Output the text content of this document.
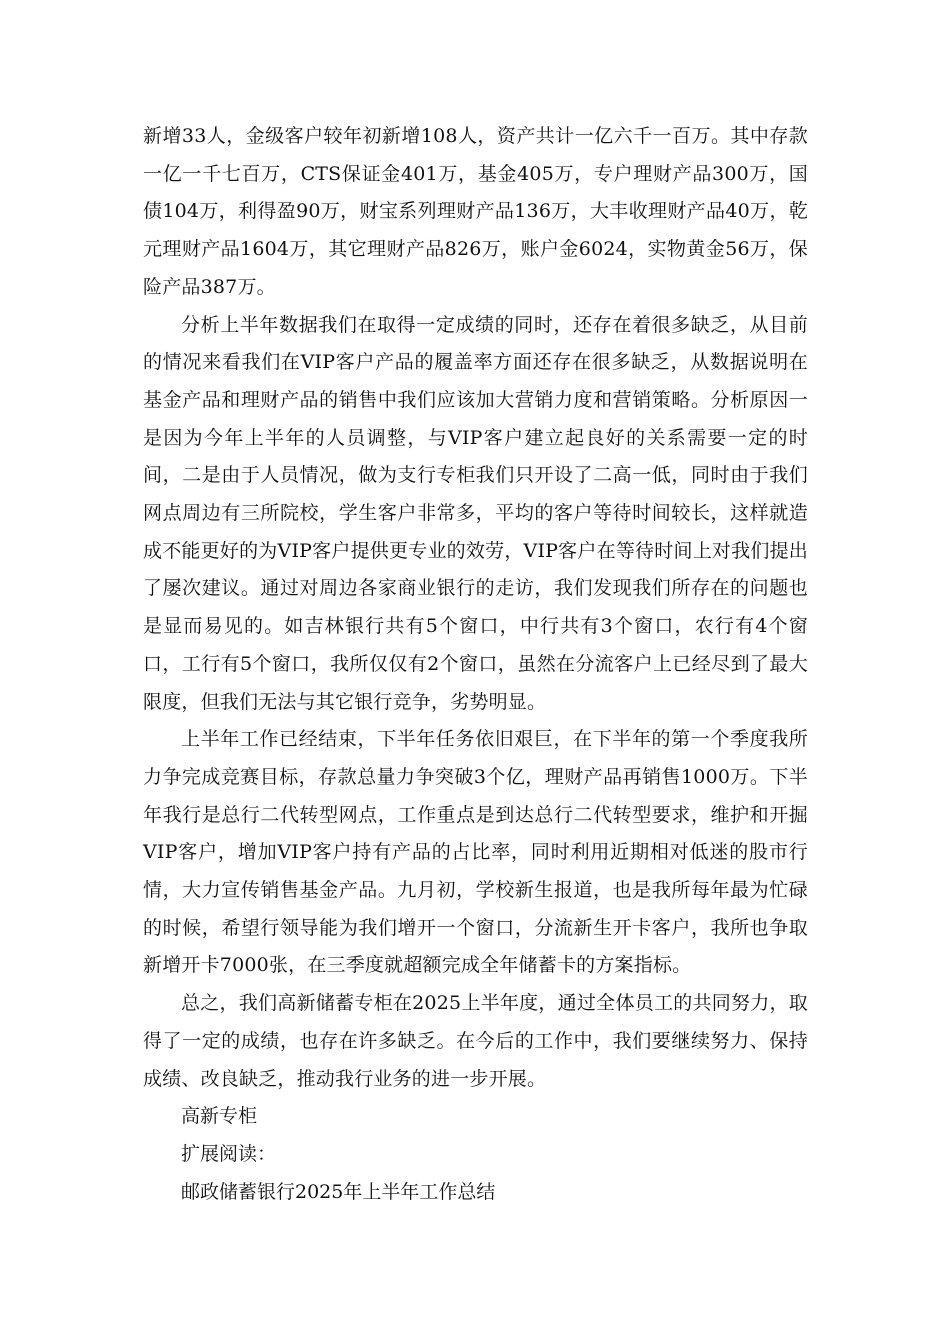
新增33人，金级客户较年初新增108人，资产共计一亿六千一百万。其中存款一亿一千七百万，CTS保证金401万，基金405万，专户理财产品300万，国债104万，利得盈90万，财宝系列理财产品136万，大丰收理财产品40万，乾元理财产品1604万，其它理财产品826万，账户金6024，实物黄金56万，保险产品387万。

分析上半年数据我们在取得一定成绩的同时，还存在着很多缺乏，从目前的情况来看我们在VIP客户产品的履盖率方面还存在很多缺乏，从数据说明在基金产品和理财产品的销售中我们应该加大营销力度和营销策略。分析原因一是因为今年上半年的人员调整，与VIP客户建立起良好的关系需要一定的时间，二是由于人员情况，做为支行专柜我们只开设了二高一低，同时由于我们网点周边有三所院校，学生客户非常多，平均的客户等待时间较长，这样就造成不能更好的为VIP客户提供更专业的效劳，VIP客户在等待时间上对我们提出了屡次建议。通过对周边各家商业银行的走访，我们发现我们所存在的问题也是显而易见的。如吉林银行共有5个窗口，中行共有3个窗口，农行有4个窗口，工行有5个窗口，我所仅仅有2个窗口，虽然在分流客户上已经尽到了最大限度，但我们无法与其它银行竞争，劣势明显。

上半年工作已经结束，下半年任务依旧艰巨，在下半年的第一个季度我所力争完成竞赛目标，存款总量力争突破3个亿，理财产品再销售1000万。下半年我行是总行二代转型网点，工作重点是到达总行二代转型要求，维护和开掘VIP客户，增加VIP客户持有产品的占比率，同时利用近期相对低迷的股市行情，大力宣传销售基金产品。九月初，学校新生报道，也是我所每年最为忙碌的时候，希望行领导能为我们增开一个窗口，分流新生开卡客户，我所也争取新增开卡7000张，在三季度就超额完成全年储蓄卡的方案指标。

总之，我们高新储蓄专柜在2025上半年度，通过全体员工的共同努力，取得了一定的成绩，也存在许多缺乏。在今后的工作中，我们要继续努力、保持成绩、改良缺乏，推动我行业务的进一步开展。

高新专柜

扩展阅读：

邮政储蓄银行2025年上半年工作总结
